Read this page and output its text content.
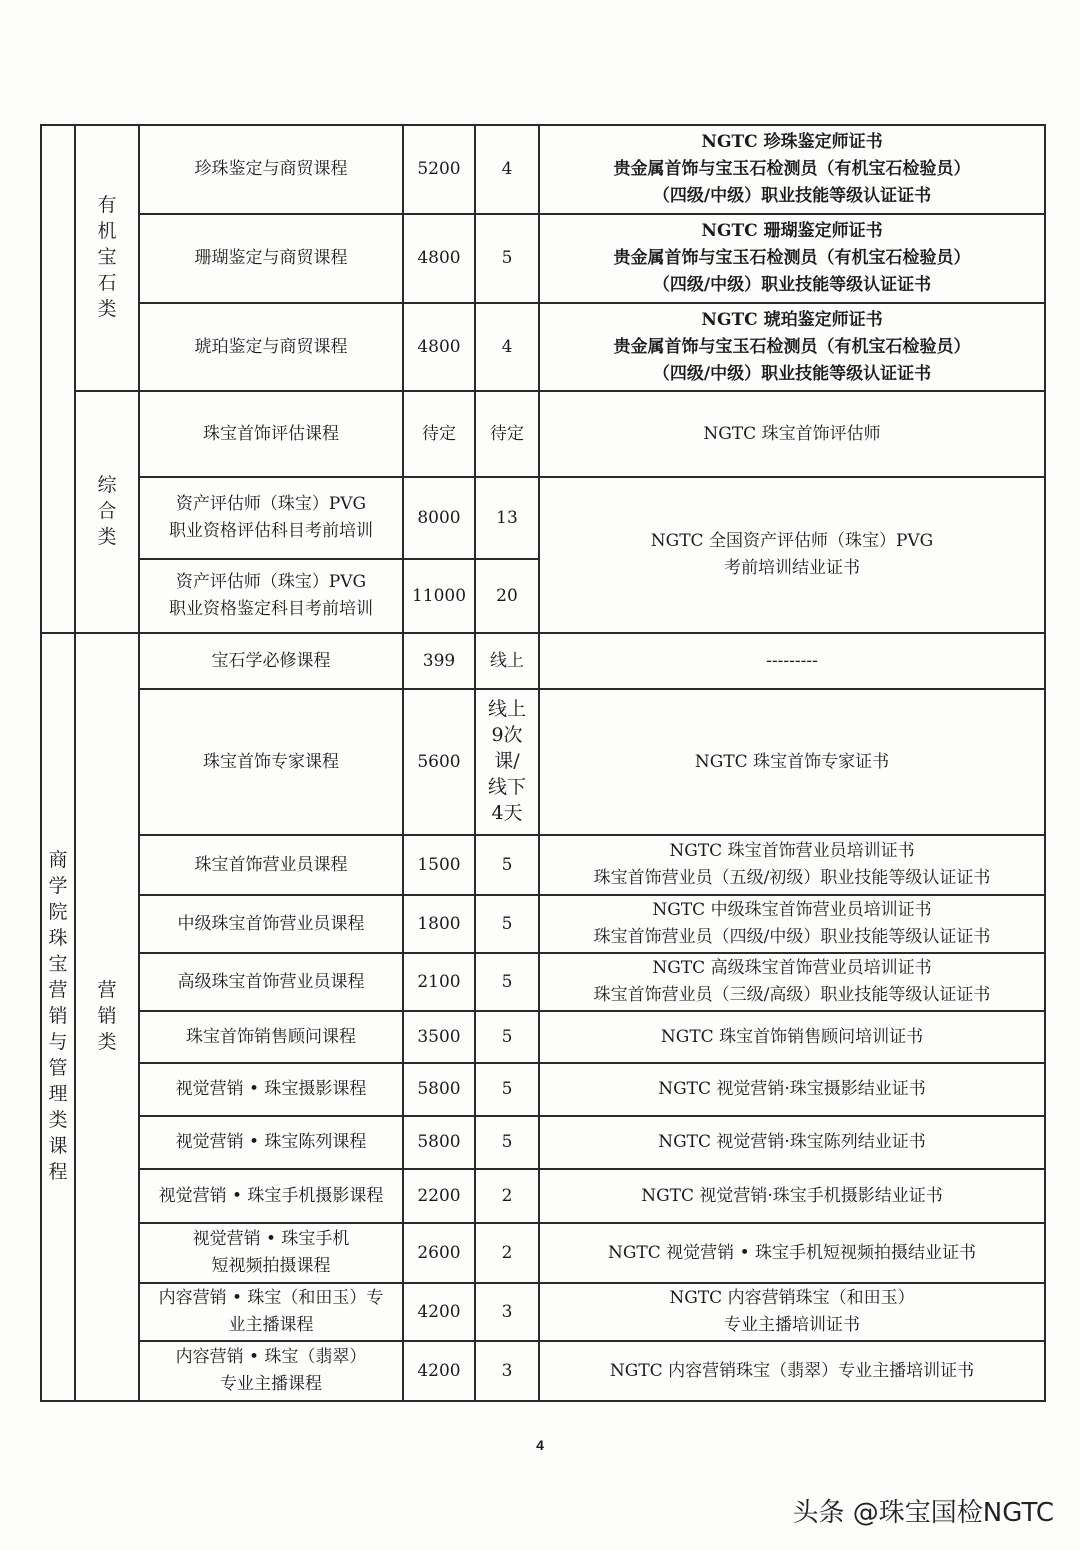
	有机宝石类	珍珠鉴定与商贸课程	5200	4	NGTC 珍珠鉴定师证书
贵金属首饰与宝玉石检测员（有机宝石检验员）
（四级/中级）职业技能等级认证证书
		珊瑚鉴定与商贸课程	4800	5	NGTC 珊瑚鉴定师证书
贵金属首饰与宝玉石检测员（有机宝石检验员）
（四级/中级）职业技能等级认证证书
		琥珀鉴定与商贸课程	4800	4	NGTC 琥珀鉴定师证书
贵金属首饰与宝玉石检测员（有机宝石检验员）
（四级/中级）职业技能等级认证证书
	综合类	珠宝首饰评估课程	待定	待定	NGTC 珠宝首饰评估师
		资产评估师（珠宝）PVG
职业资格评估科目考前培训	8000	13	NGTC 全国资产评估师（珠宝）PVG
考前培训结业证书
		资产评估师（珠宝）PVG
职业资格鉴定科目考前培训	11000	20	
商学院 珠宝营销与管理类课程	营销类	宝石学必修课程	399	线上	---------
		珠宝首饰专家课程	5600	线上9次课/线下4天	NGTC 珠宝首饰专家证书
		珠宝首饰营业员课程	1500	5	NGTC 珠宝首饰营业员培训证书
珠宝首饰营业员（五级/初级）职业技能等级认证证书
		中级珠宝首饰营业员课程	1800	5	NGTC 中级珠宝首饰营业员培训证书
珠宝首饰营业员（四级/中级）职业技能等级认证证书
		高级珠宝首饰营业员课程	2100	5	NGTC 高级珠宝首饰营业员培训证书
珠宝首饰营业员（三级/高级）职业技能等级认证证书
		珠宝首饰销售顾问课程	3500	5	NGTC 珠宝首饰销售顾问培训证书
		视觉营销 • 珠宝摄影课程	5800	5	NGTC 视觉营销·珠宝摄影结业证书
		视觉营销 • 珠宝陈列课程	5800	5	NGTC 视觉营销·珠宝陈列结业证书
		视觉营销 • 珠宝手机摄影课程	2200	2	NGTC 视觉营销·珠宝手机摄影结业证书
		视觉营销 • 珠宝手机
短视频拍摄课程	2600	2	NGTC 视觉营销 • 珠宝手机短视频拍摄结业证书
		内容营销 • 珠宝（和田玉）专
业主播课程	4200	3	NGTC 内容营销珠宝（和田玉）
专业主播培训证书
		内容营销 • 珠宝（翡翠）
专业主播课程	4200	3	NGTC 内容营销珠宝（翡翠）专业主播培训证书
4
头条 @珠宝国检NGTC
